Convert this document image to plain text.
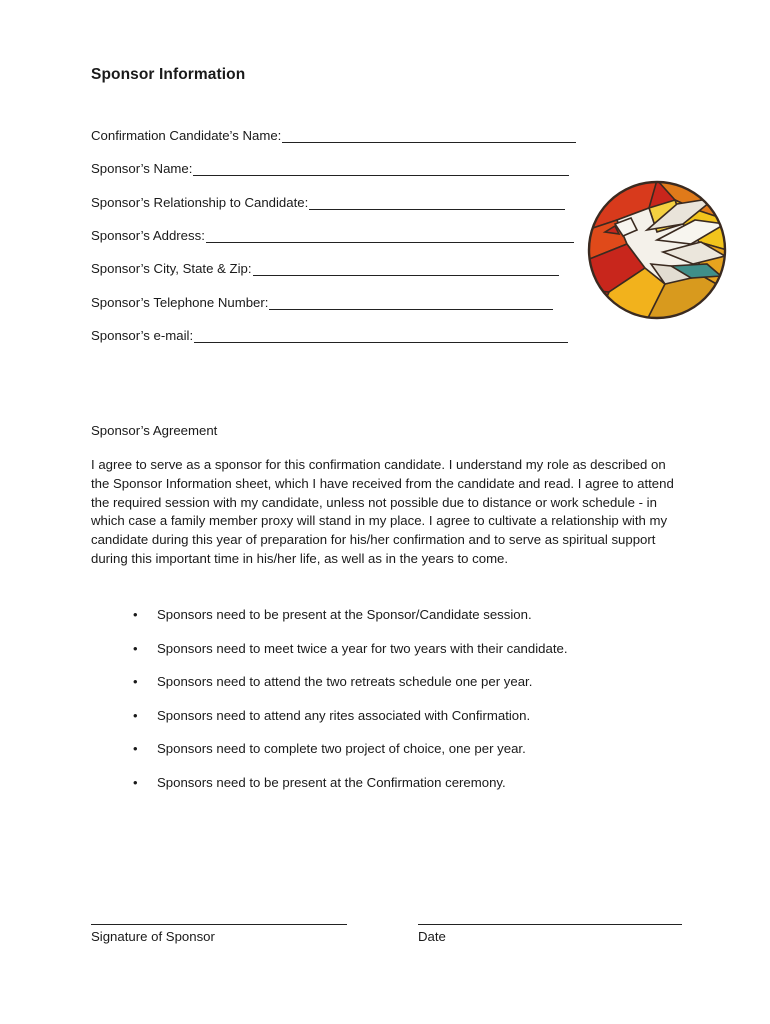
Sponsor Information
Confirmation Candidate’s Name:
Sponsor’s Name:
Sponsor’s Relationship to Candidate:
Sponsor’s Address:
Sponsor’s City, State & Zip:
Sponsor’s Telephone Number:
Sponsor’s e-mail:
Sponsor’s Agreement
I agree to serve as a sponsor for this confirmation candidate. I understand my role as described on the Sponsor Information sheet, which I have received from the candidate and read. I agree to attend the required session with my candidate, unless not possible due to distance or work schedule - in which case a family member proxy will stand in my place. I agree to cultivate a relationship with my candidate during this year of preparation for his/her confirmation and to serve as spiritual support during this important time in his/her life, as well as in the years to come.
•	Sponsors need to be present at the Sponsor/Candidate session.
•	Sponsors need to meet twice a year for two years with their candidate.
•	Sponsors need to attend the two retreats schedule one per year.
•	Sponsors need to attend any rites associated with Confirmation.
•	Sponsors need to complete two project of choice, one per year.
•	Sponsors need to be present at the Confirmation ceremony.
Signature of Sponsor	Date
